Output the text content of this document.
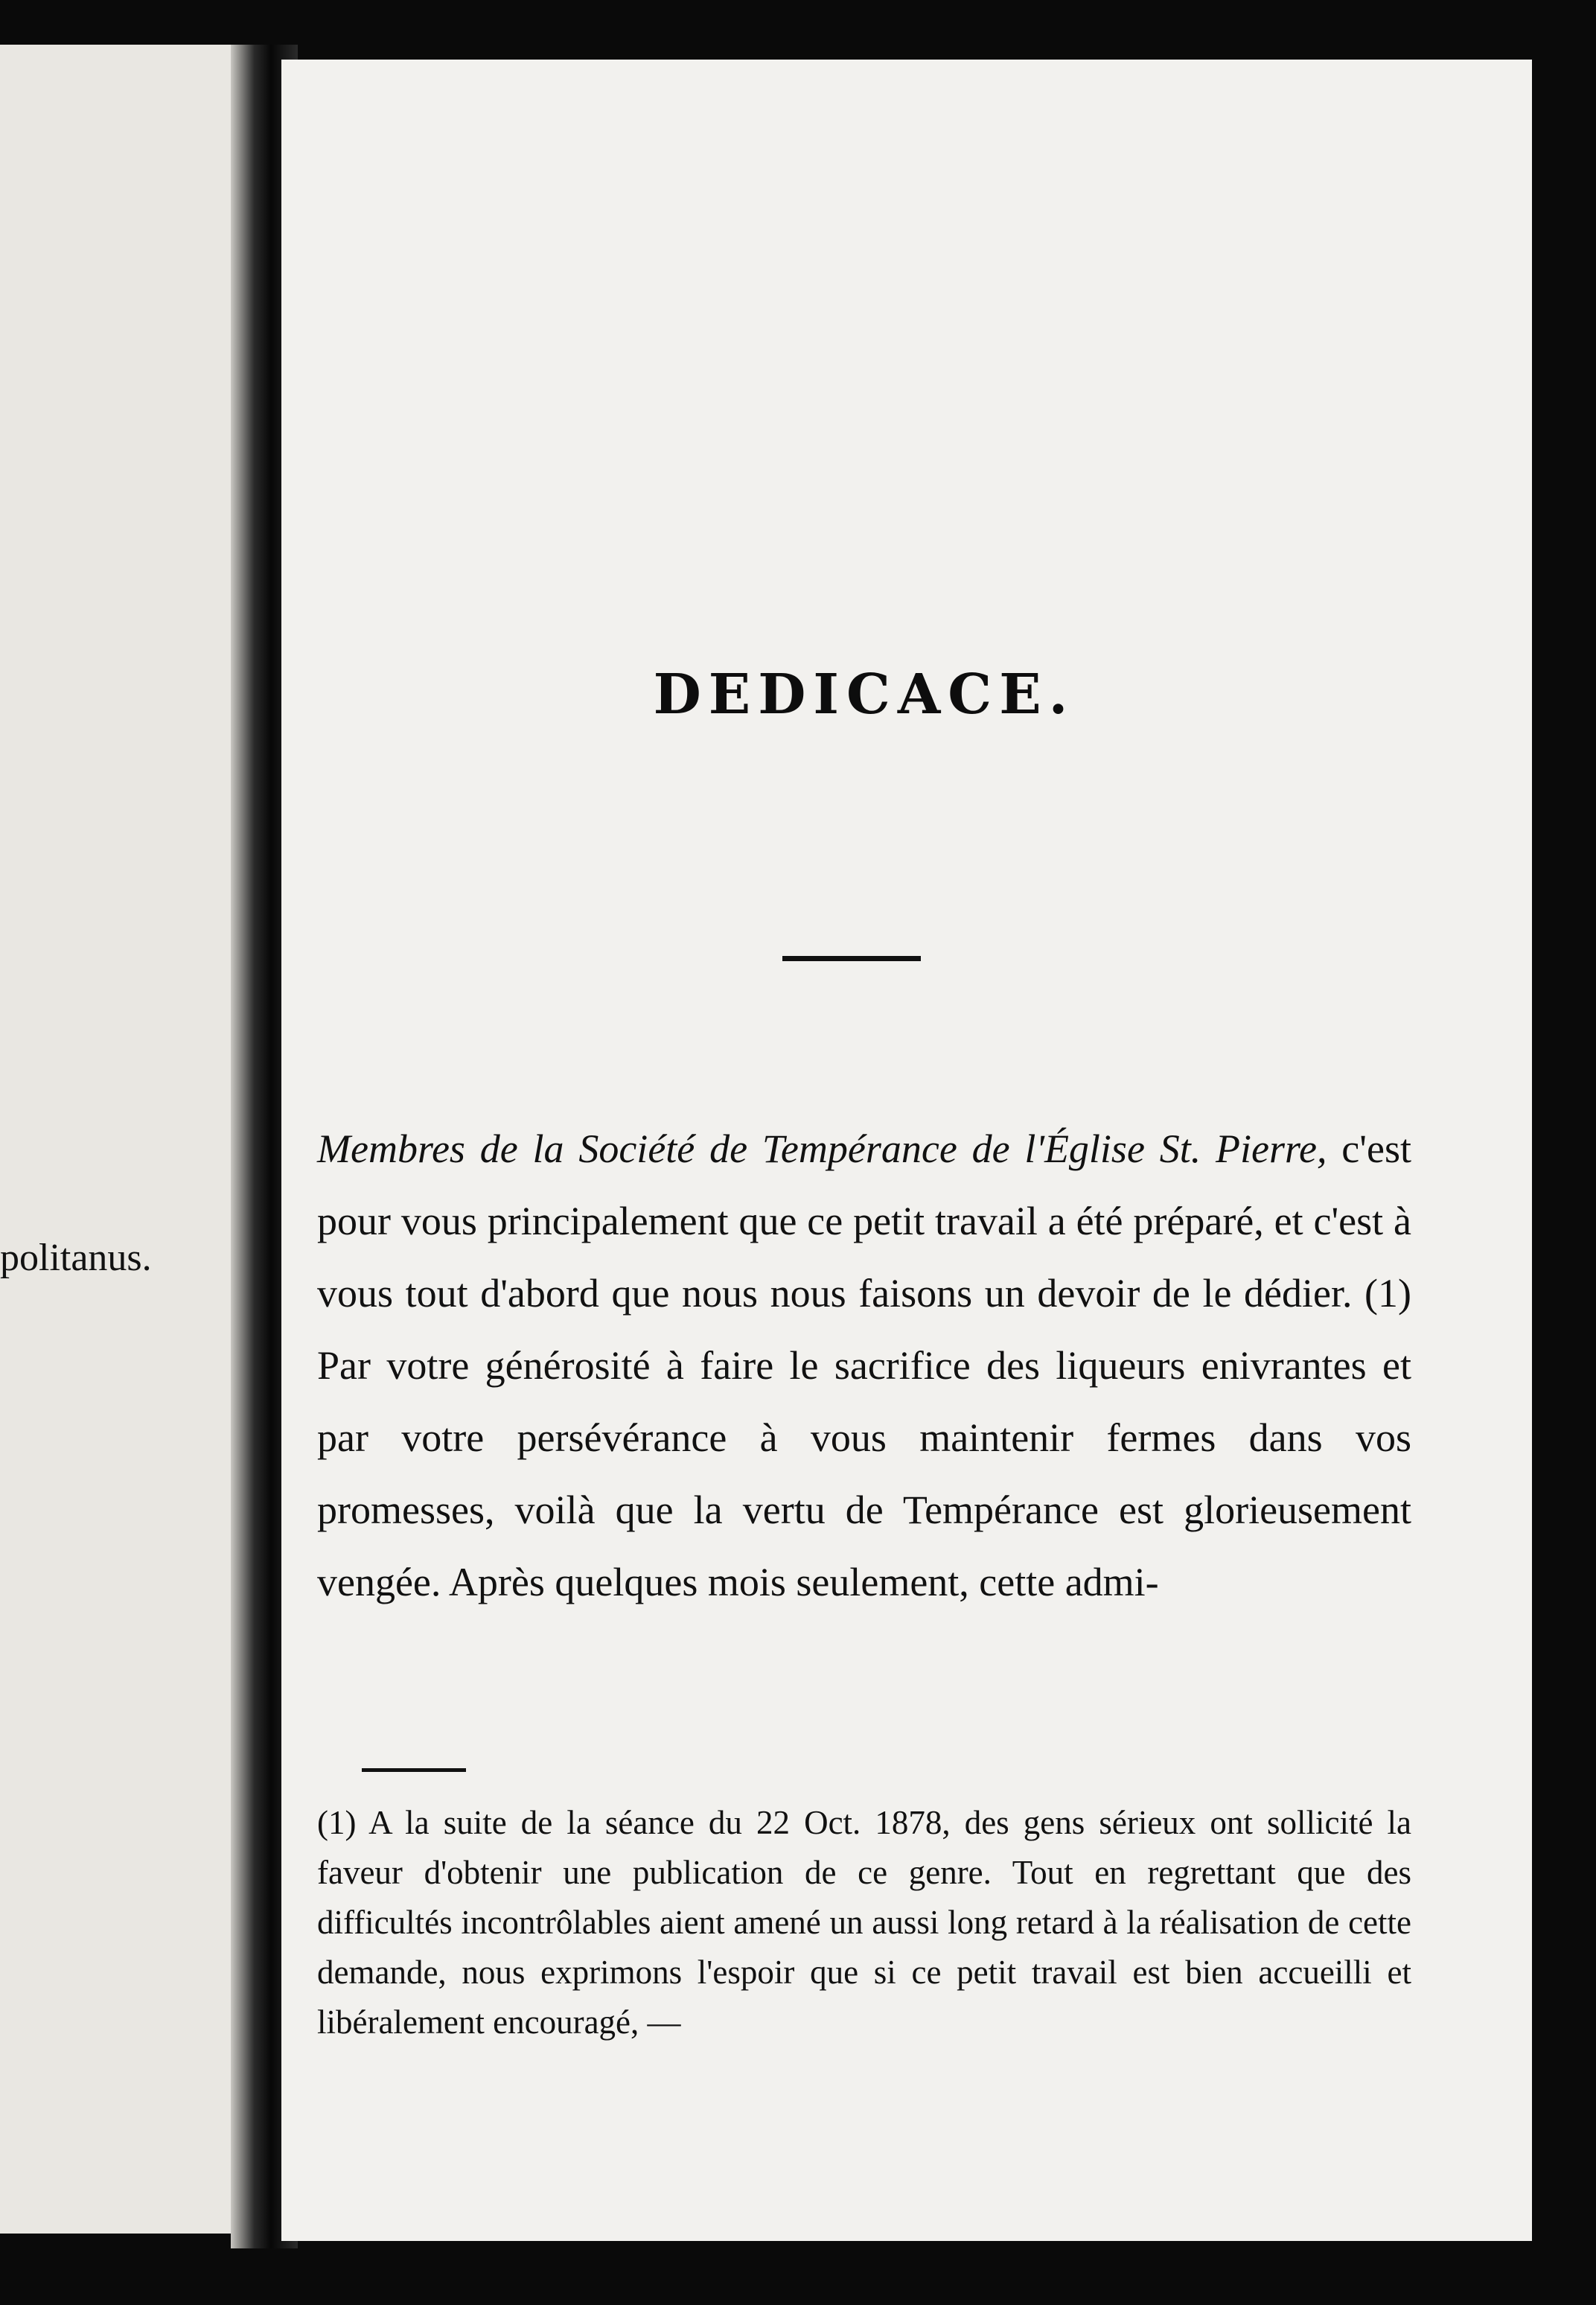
politanus.
DEDICACE.
Membres de la Société de Tempérance de l'Église St. Pierre, c'est pour vous principalement que ce petit travail a été préparé, et c'est à vous tout d'abord que nous nous faisons un devoir de le dédier. (1) Par votre générosité à faire le sacrifice des liqueurs enivrantes et par votre persévérance à vous maintenir fermes dans vos promesses, voilà que la vertu de Tempérance est glorieusement vengée. Après quelques mois seulement, cette admi-
(1) A la suite de la séance du 22 Oct. 1878, des gens sérieux ont sollicité la faveur d'obtenir une publication de ce genre. Tout en regrettant que des difficultés incontrôlables aient amené un aussi long retard à la réalisation de cette demande, nous exprimons l'espoir que si ce petit travail est bien accueilli et libéralement encouragé, —
